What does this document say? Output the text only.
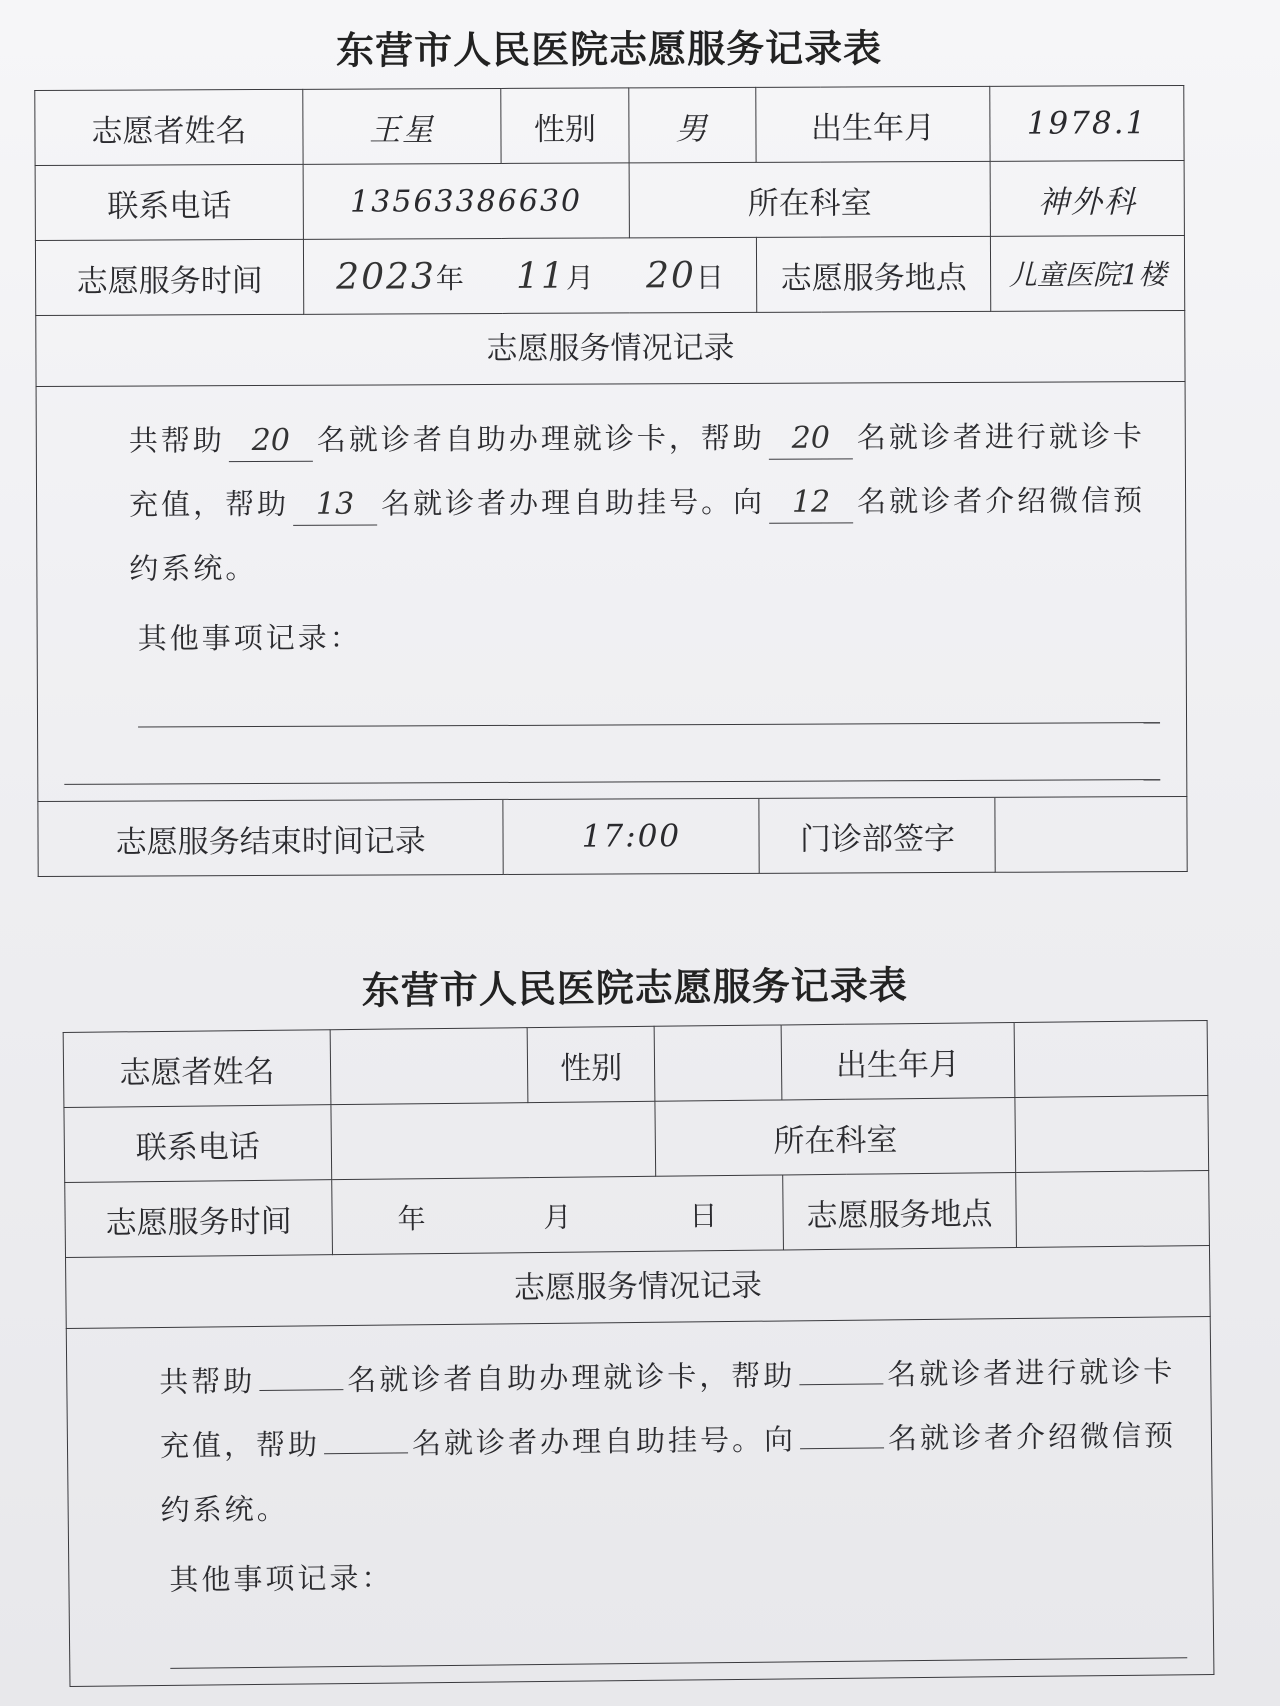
东营市人民医院志愿服务记录表
志愿者姓名	王星	性别	男	出生年月	1978.1
联系电话	13563386630		所在科室		神外科
志愿服务时间	2023年 11月 20日			志愿服务地点	儿童医院1楼
志愿服务情况记录

共帮助 20 名就诊者自助办理就诊卡，帮助 20 名就诊者进行就诊卡充值，帮助 13 名就诊者办理自助挂号。向 12 名就诊者介绍微信预约系统。

其他事项记录：
志愿服务结束时间记录	17:00	门诊部签字	
东营市人民医院志愿服务记录表
志愿者姓名		性别		出生年月	
联系电话			所在科室		
志愿服务时间	年 月 日			志愿服务地点	
志愿服务情况记录

共帮助	名就诊者自助办理就诊卡，帮助	名就诊者进行就诊卡充值，帮助	名就诊者办理自助挂号。向	名就诊者介绍微信预约系统。

其他事项记录：
